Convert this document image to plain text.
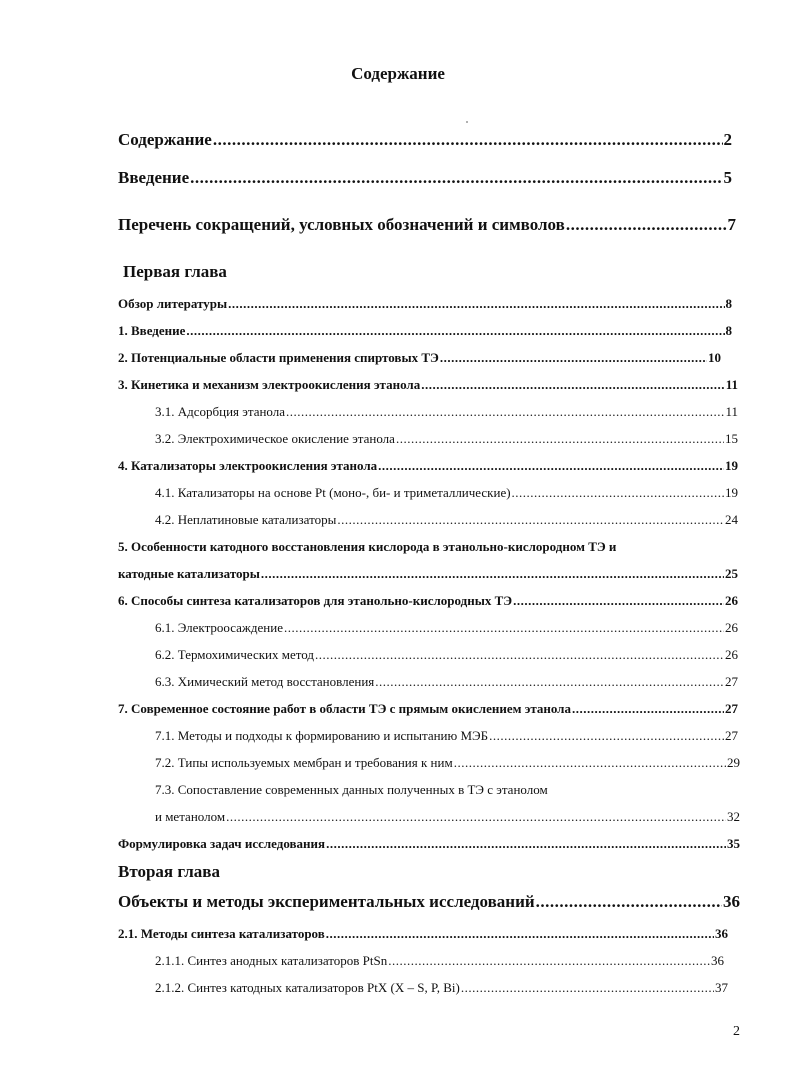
Содержание
Содержание .....	2
Введение .....	5
Перечень сокращений, условных обозначений и символов .....	7
Первая глава
Обзор литературы .....	8
1. Введение .....	8
2. Потенциальные области применения спиртовых ТЭ .....	10
3. Кинетика и механизм электроокисления этанола .....	11
3.1. Адсорбция этанола .....	11
3.2. Электрохимическое окисление этанола .....	15
4. Катализаторы электроокисления этанола .....	19
4.1. Катализаторы на основе Pt (моно-, би- и триметаллические) .....	19
4.2. Неплатиновые катализаторы .....	24
5. Особенности катодного восстановления кислорода в этанольно-кислородном ТЭ и
катодные катализаторы .....	25
6. Способы синтеза катализаторов для этанольно-кислородных ТЭ .....	26
6.1. Электроосаждение .....	26
6.2. Термохимических метод .....	26
6.3. Химический метод восстановления .....	27
7. Современное состояние работ в области ТЭ с прямым окислением этанола .....	27
7.1. Методы и подходы к формированию и испытанию МЭБ .....	27
7.2. Типы используемых мембран и требования к ним .....	29
7.3. Сопоставление современных данных полученных в ТЭ с этанолом
и метанолом .....	32
Формулировка задач исследования .....	35
Вторая глава
Объекты и методы экспериментальных исследований .....	36
2.1. Методы синтеза катализаторов .....	36
2.1.1. Синтез анодных катализаторов PtSn .....	36
2.1.2. Синтез катодных катализаторов PtX (X – S, P, Bi) .....	37
2
